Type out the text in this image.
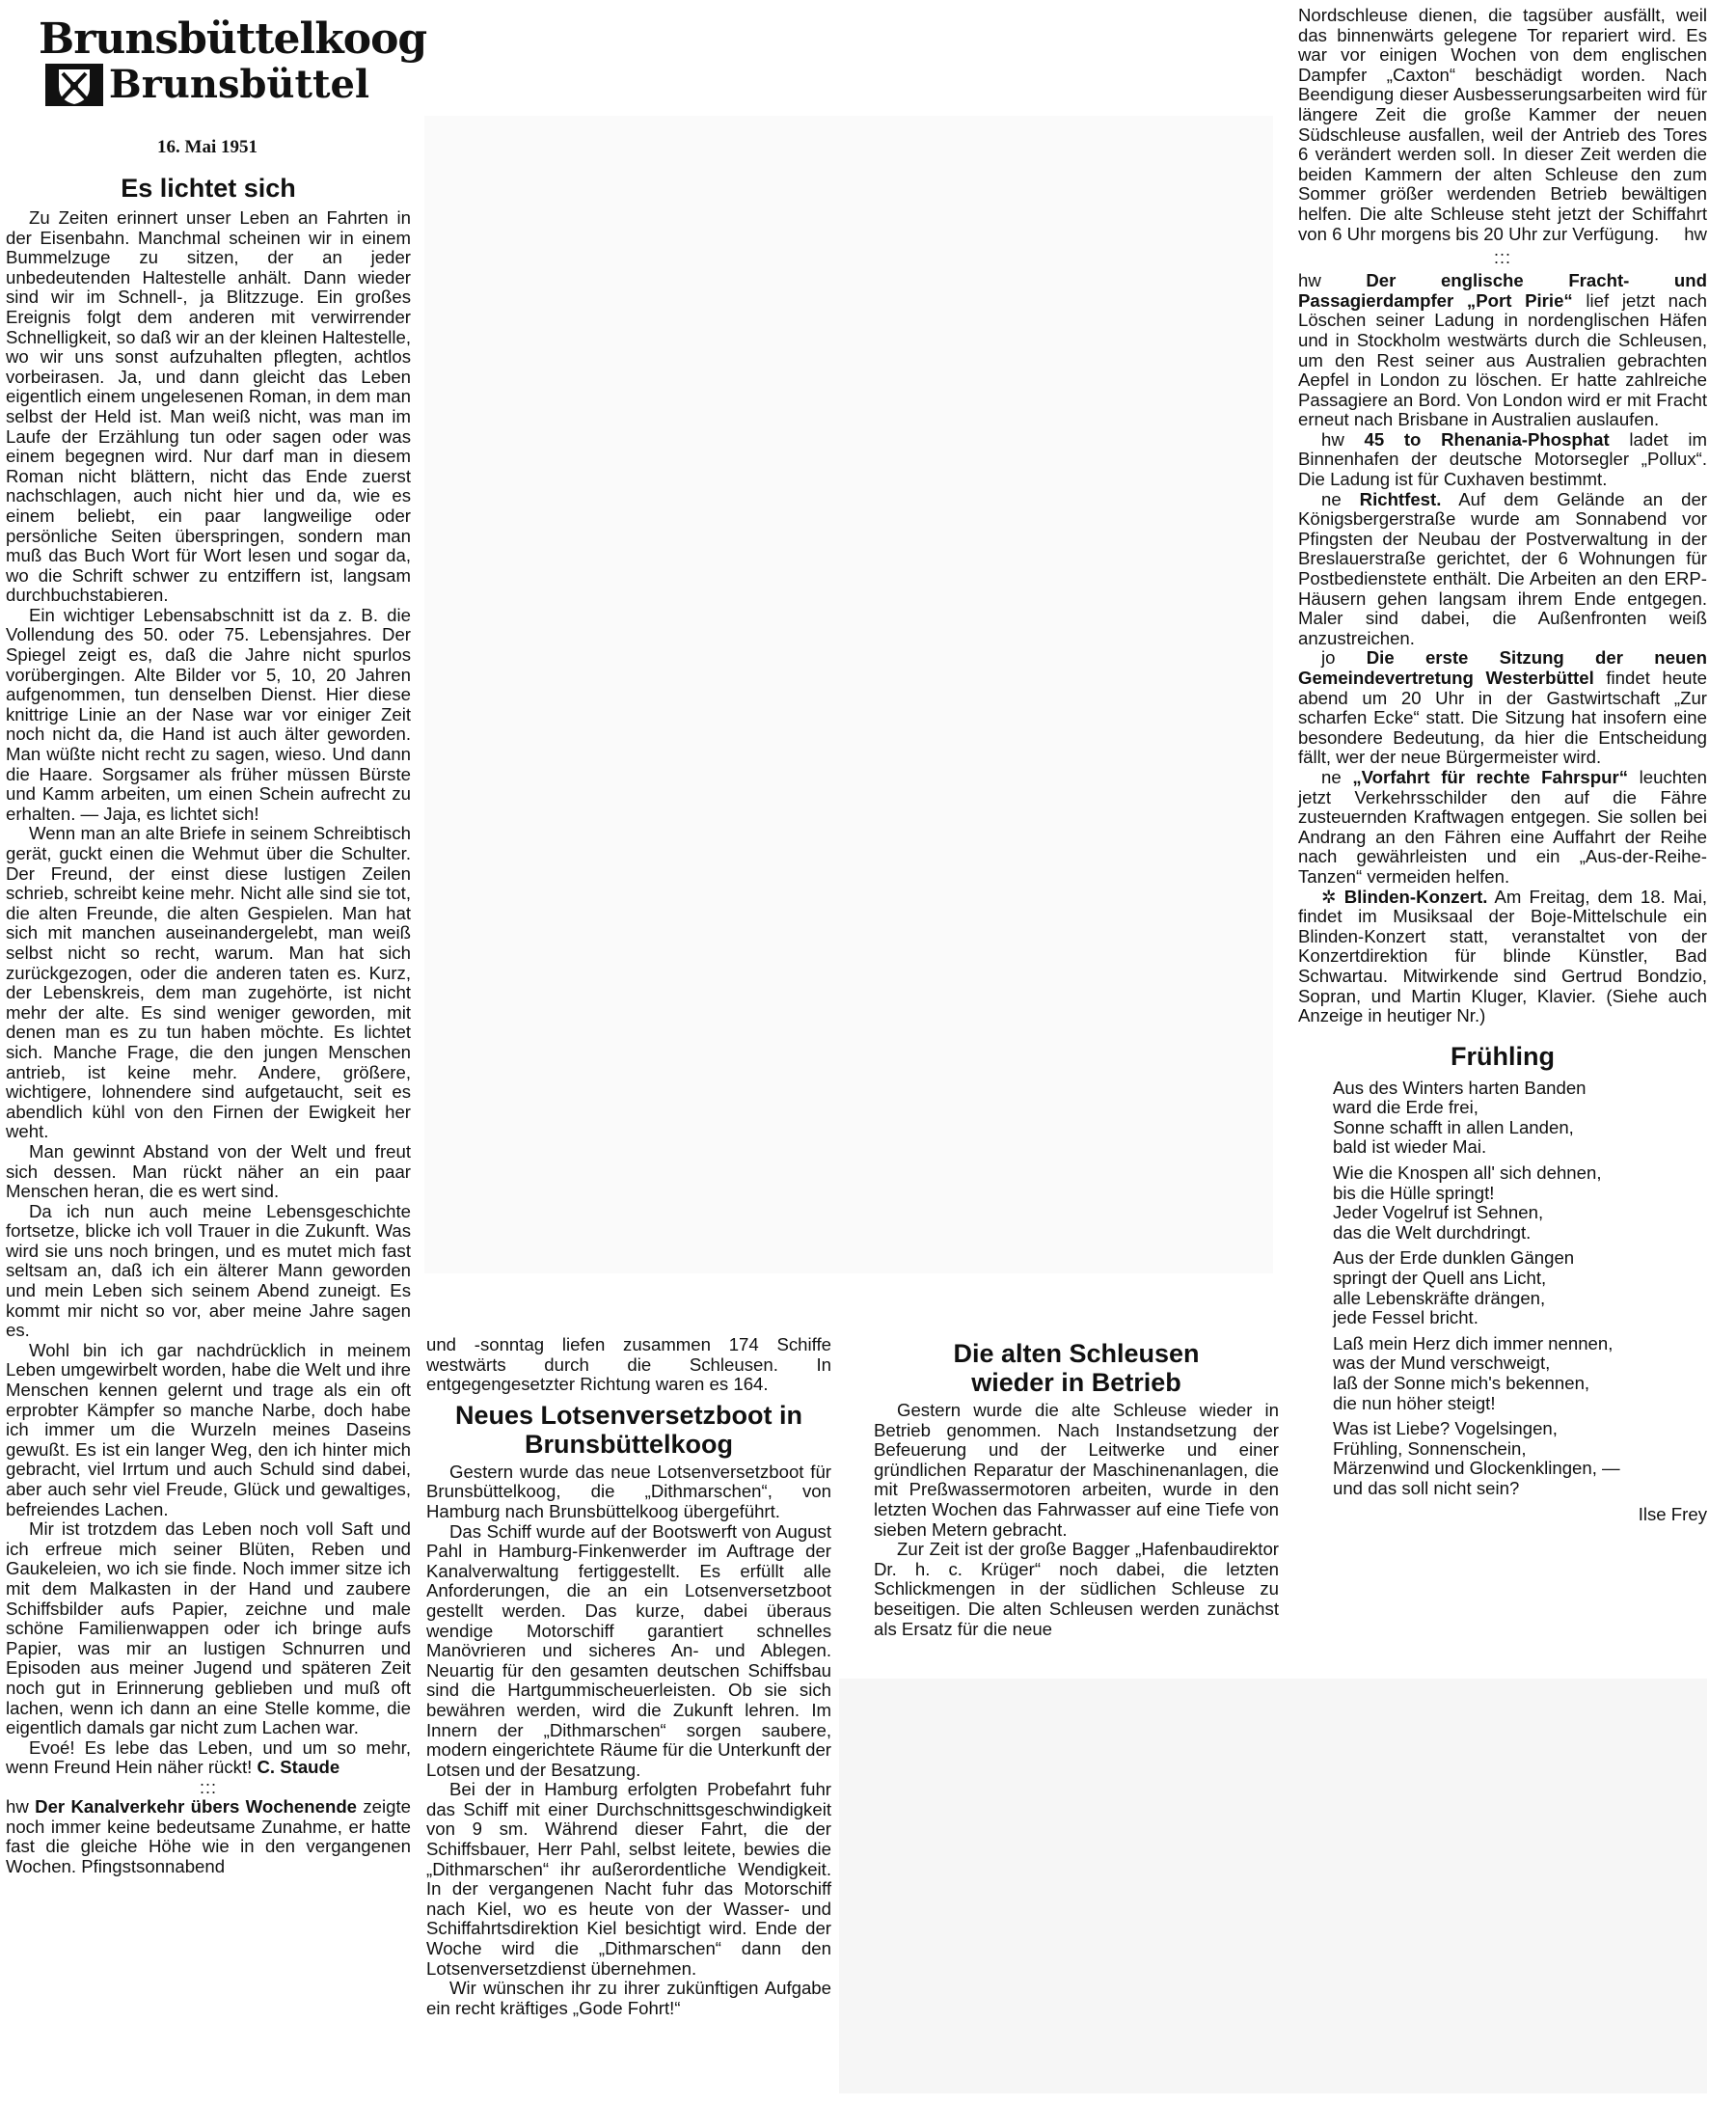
Brunsbüttelkoog
Brunsbüttel
16. Mai 1951
Es lichtet sich

Zu Zeiten erinnert unser Leben an Fahrten in der Eisenbahn. Manchmal scheinen wir in einem Bummelzuge zu sitzen, der an jeder unbedeutenden Haltestelle anhält. Dann wieder sind wir im Schnell-, ja Blitzzuge. Ein großes Ereignis folgt dem anderen mit verwirrender Schnelligkeit, so daß wir an der kleinen Haltestelle, wo wir uns sonst aufzuhalten pflegten, achtlos vorbeirasen. Ja, und dann gleicht das Leben eigentlich einem ungelesenen Roman, in dem man selbst der Held ist. Man weiß nicht, was man im Laufe der Erzählung tun oder sagen oder was einem begegnen wird. Nur darf man in diesem Roman nicht blättern, nicht das Ende zuerst nachschlagen, auch nicht hier und da, wie es einem beliebt, ein paar langweilige oder persönliche Seiten überspringen, sondern man muß das Buch Wort für Wort lesen und sogar da, wo die Schrift schwer zu entziffern ist, langsam durchbuchstabieren.

Ein wichtiger Lebensabschnitt ist da z. B. die Vollendung des 50. oder 75. Lebensjahres. Der Spiegel zeigt es, daß die Jahre nicht spurlos vorübergingen. Alte Bilder vor 5, 10, 20 Jahren aufgenommen, tun denselben Dienst. Hier diese knittrige Linie an der Nase war vor einiger Zeit noch nicht da, die Hand ist auch älter geworden. Man wüßte nicht recht zu sagen, wieso. Und dann die Haare. Sorgsamer als früher müssen Bürste und Kamm arbeiten, um einen Schein aufrecht zu erhalten. — Jaja, es lichtet sich!

Wenn man an alte Briefe in seinem Schreibtisch gerät, guckt einen die Wehmut über die Schulter. Der Freund, der einst diese lustigen Zeilen schrieb, schreibt keine mehr. Nicht alle sind sie tot, die alten Freunde, die alten Gespielen. Man hat sich mit manchen auseinandergelebt, man weiß selbst nicht so recht, warum. Man hat sich zurückgezogen, oder die anderen taten es. Kurz, der Lebenskreis, dem man zugehörte, ist nicht mehr der alte. Es sind weniger geworden, mit denen man es zu tun haben möchte. Es lichtet sich. Manche Frage, die den jungen Menschen antrieb, ist keine mehr. Andere, größere, wichtigere, lohnendere sind aufgetaucht, seit es abendlich kühl von den Firnen der Ewigkeit her weht.

Man gewinnt Abstand von der Welt und freut sich dessen. Man rückt näher an ein paar Menschen heran, die es wert sind.

Da ich nun auch meine Lebensgeschichte fortsetze, blicke ich voll Trauer in die Zukunft. Was wird sie uns noch bringen, und es mutet mich fast seltsam an, daß ich ein älterer Mann geworden und mein Leben sich seinem Abend zuneigt. Es kommt mir nicht so vor, aber meine Jahre sagen es.

Wohl bin ich gar nachdrücklich in meinem Leben umgewirbelt worden, habe die Welt und ihre Menschen kennen gelernt und trage als ein oft erprobter Kämpfer so manche Narbe, doch habe ich immer um die Wurzeln meines Daseins gewußt. Es ist ein langer Weg, den ich hinter mich gebracht, viel Irrtum und auch Schuld sind dabei, aber auch sehr viel Freude, Glück und gewaltiges, befreiendes Lachen.

Mir ist trotzdem das Leben noch voll Saft und ich erfreue mich seiner Blüten, Reben und Gaukeleien, wo ich sie finde. Noch immer sitze ich mit dem Malkasten in der Hand und zaubere Schiffsbilder aufs Papier, zeichne und male schöne Familienwappen oder ich bringe aufs Papier, was mir an lustigen Schnurren und Episoden aus meiner Jugend und späteren Zeit noch gut in Erinnerung geblieben und muß oft lachen, wenn ich dann an eine Stelle komme, die eigentlich damals gar nicht zum Lachen war.

Evoé! Es lebe das Leben, und um so mehr, wenn Freund Hein näher rückt! C. Staude

:::

hw Der Kanalverkehr übers Wochenende zeigte noch immer keine bedeutsame Zunahme, er hatte fast die gleiche Höhe wie in den vergangenen Wochen. Pfingstsonnabend

und -sonntag liefen zusammen 174 Schiffe westwärts durch die Schleusen. In entgegengesetzter Richtung waren es 164.

Neues Lotsenversetzboot in Brunsbüttelkoog

Gestern wurde das neue Lotsenversetzboot für Brunsbüttelkoog, die „Dithmarschen“, von Hamburg nach Brunsbüttelkoog übergeführt.

Das Schiff wurde auf der Bootswerft von August Pahl in Hamburg-Finkenwerder im Auftrage der Kanalverwaltung fertiggestellt. Es erfüllt alle Anforderungen, die an ein Lotsenversetzboot gestellt werden. Das kurze, dabei überaus wendige Motorschiff garantiert schnelles Manövrieren und sicheres An- und Ablegen. Neuartig für den gesamten deutschen Schiffsbau sind die Hartgummischeuerleisten. Ob sie sich bewähren werden, wird die Zukunft lehren. Im Innern der „Dithmarschen“ sorgen saubere, modern eingerichtete Räume für die Unterkunft der Lotsen und der Besatzung.

Bei der in Hamburg erfolgten Probefahrt fuhr das Schiff mit einer Durchschnittsgeschwindigkeit von 9 sm. Während dieser Fahrt, die der Schiffsbauer, Herr Pahl, selbst leitete, bewies die „Dithmarschen“ ihr außerordentliche Wendigkeit. In der vergangenen Nacht fuhr das Motorschiff nach Kiel, wo es heute von der Wasser- und Schiffahrtsdirektion Kiel besichtigt wird. Ende der Woche wird die „Dithmarschen“ dann den Lotsenversetzdienst übernehmen.

Wir wünschen ihr zu ihrer zukünftigen Aufgabe ein recht kräftiges „Gode Fohrt!“

Die alten Schleusen wieder in Betrieb

Gestern wurde die alte Schleuse wieder in Betrieb genommen. Nach Instandsetzung der Befeuerung und der Leitwerke und einer gründlichen Reparatur der Maschinenanlagen, die mit Preßwassermotoren arbeiten, wurde in den letzten Wochen das Fahrwasser auf eine Tiefe von sieben Metern gebracht.

Zur Zeit ist der große Bagger „Hafenbaudirektor Dr. h. c. Krüger“ noch dabei, die letzten Schlickmengen in der südlichen Schleuse zu beseitigen. Die alten Schleusen werden zunächst als Ersatz für die neue

Nordschleuse dienen, die tagsüber ausfällt, weil das binnenwärts gelegene Tor repariert wird. Es war vor einigen Wochen von dem englischen Dampfer „Caxton“ beschädigt worden. Nach Beendigung dieser Ausbesserungsarbeiten wird für längere Zeit die große Kammer der neuen Südschleuse ausfallen, weil der Antrieb des Tores 6 verändert werden soll. In dieser Zeit werden die beiden Kammern der alten Schleuse den zum Sommer größer werdenden Betrieb bewältigen helfen. Die alte Schleuse steht jetzt der Schiffahrt von 6 Uhr morgens bis 20 Uhr zur Verfügung. hw

:::

hw	Der englische Fracht- und Passagierdampfer „Port Pirie“ lief jetzt nach Löschen seiner Ladung in nordenglischen Häfen und in Stockholm westwärts durch die Schleusen, um den Rest seiner aus Australien gebrachten Aepfel in London zu löschen. Er hatte zahlreiche Passagiere an Bord. Von London wird er mit Fracht erneut nach Brisbane in Australien auslaufen.

hw 45 to Rhenania-Phosphat ladet im Binnenhafen der deutsche Motorsegler „Pollux“. Die Ladung ist für Cuxhaven bestimmt.

ne Richtfest. Auf dem Gelände an der Königsbergerstraße wurde am Sonnabend vor Pfingsten der Neubau der Postverwaltung in der Breslauerstraße gerichtet, der 6 Wohnungen für Postbedienstete enthält. Die Arbeiten an den ERP-Häusern gehen langsam ihrem Ende entgegen. Maler sind dabei, die Außenfronten weiß anzustreichen.

jo Die erste Sitzung der neuen Gemeindevertretung Westerbüttel findet heute abend um 20 Uhr in der Gastwirtschaft „Zur scharfen Ecke“ statt. Die Sitzung hat insofern eine besondere Bedeutung, da hier die Entscheidung fällt, wer der neue Bürgermeister wird.

ne „Vorfahrt für rechte Fahrspur“ leuchten jetzt Verkehrsschilder den auf die Fähre zusteuernden Kraftwagen entgegen. Sie sollen bei Andrang an den Fähren eine Auffahrt der Reihe nach gewährleisten und ein „Aus-der-Reihe-Tanzen“ vermeiden helfen.

✲ Blinden-Konzert. Am Freitag, dem 18. Mai, findet im Musiksaal der Boje-Mittelschule ein Blinden-Konzert statt, veranstaltet von der Konzertdirektion für blinde Künstler, Bad Schwartau. Mitwirkende sind Gertrud Bondzio, Sopran, und Martin Kluger, Klavier. (Siehe auch Anzeige in heutiger Nr.)

Frühling

Aus des Winters harten Banden

ward die Erde frei,

Sonne schafft in allen Landen,

bald ist wieder Mai.

Wie die Knospen all' sich dehnen,

bis die Hülle springt!

Jeder Vogelruf ist Sehnen,

das die Welt durchdringt.

Aus der Erde dunklen Gängen

springt der Quell ans Licht,

alle Lebenskräfte drängen,

jede Fessel bricht.

Laß mein Herz dich immer nennen,

was der Mund verschweigt,

laß der Sonne mich's bekennen,

die nun höher steigt!

Was ist Liebe? Vogelsingen,

Frühling, Sonnenschein,

Märzenwind und Glockenklingen, —

und das soll nicht sein?

Ilse Frey
